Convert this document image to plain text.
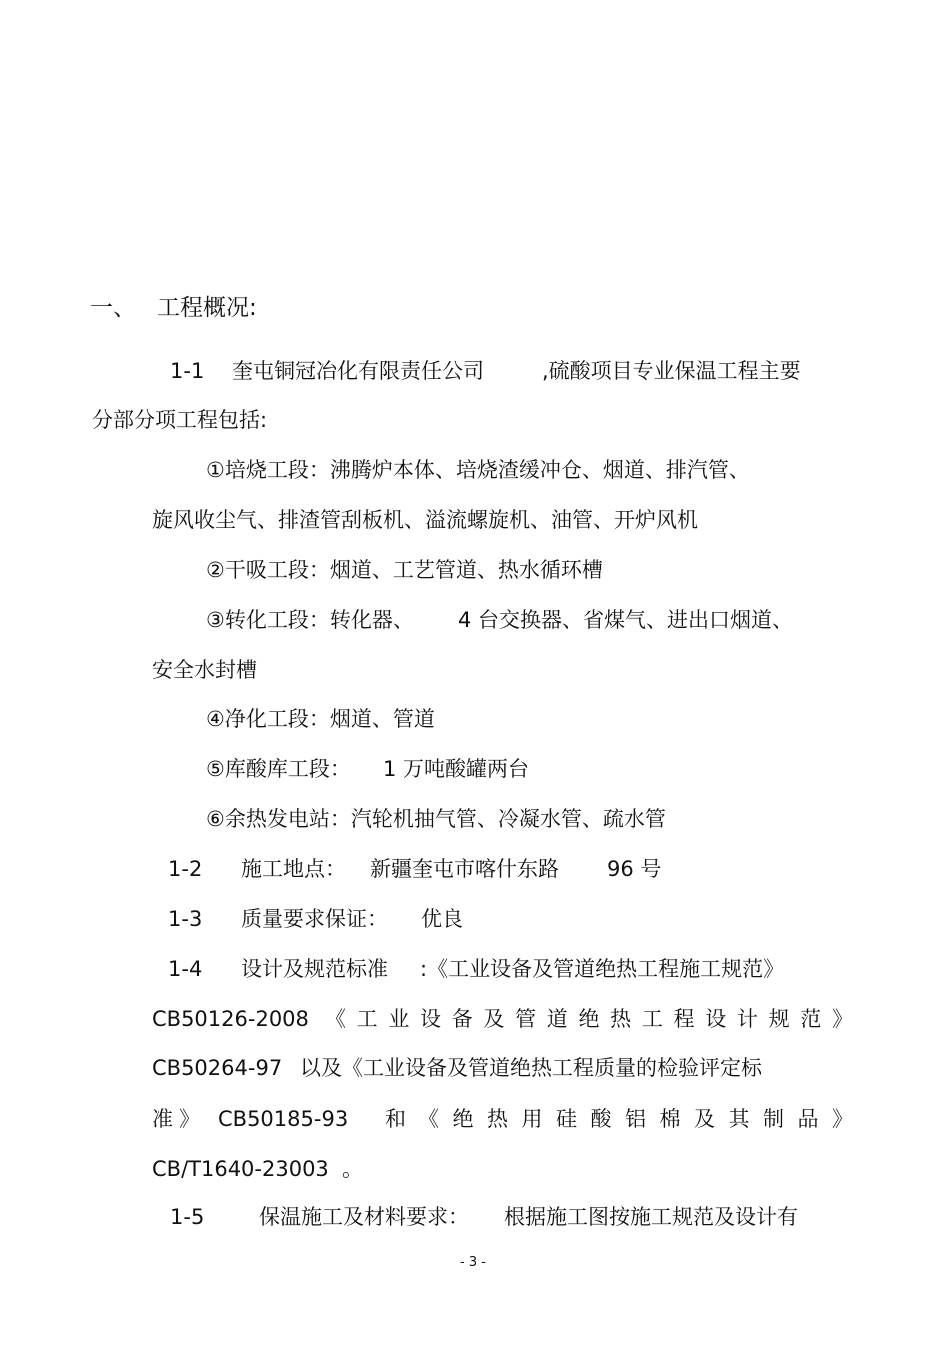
一、 工程概况:
1-1 奎屯铜冠冶化有限责任公司	,硫酸项目专业保温工程主要
分部分项工程包括:
①培烧工段：沸腾炉本体、培烧渣缓冲仓、烟道、排汽管、
旋风收尘气、排渣管刮板机、溢流螺旋机、油管、开炉风机
②干吸工段：烟道、工艺管道、热水循环槽
③转化工段：转化器、 4 台交换器、省煤气、进出口烟道、
安全水封槽
④净化工段：烟道、管道
⑤库酸库工段： 1 万吨酸罐两台
⑥余热发电站：汽轮机抽气管、冷凝水管、疏水管
1-2 施工地点： 新疆奎屯市喀什东路 96 号
1-3 质量要求保证： 优良
1-4 设计及规范标准 :《工业设备及管道绝热工程施工规范》
CB50126-2008 《工业设备及管道绝热工程设计规范》
CB50264-97 以及《工业设备及管道绝热工程质量的检验评定标
准》 CB50185-93 和 《绝热用硅酸铝棉及其制品》
CB/T1640-23003 。
1-5	保温施工及材料要求： 根据施工图按施工规范及设计有
- 3 -
